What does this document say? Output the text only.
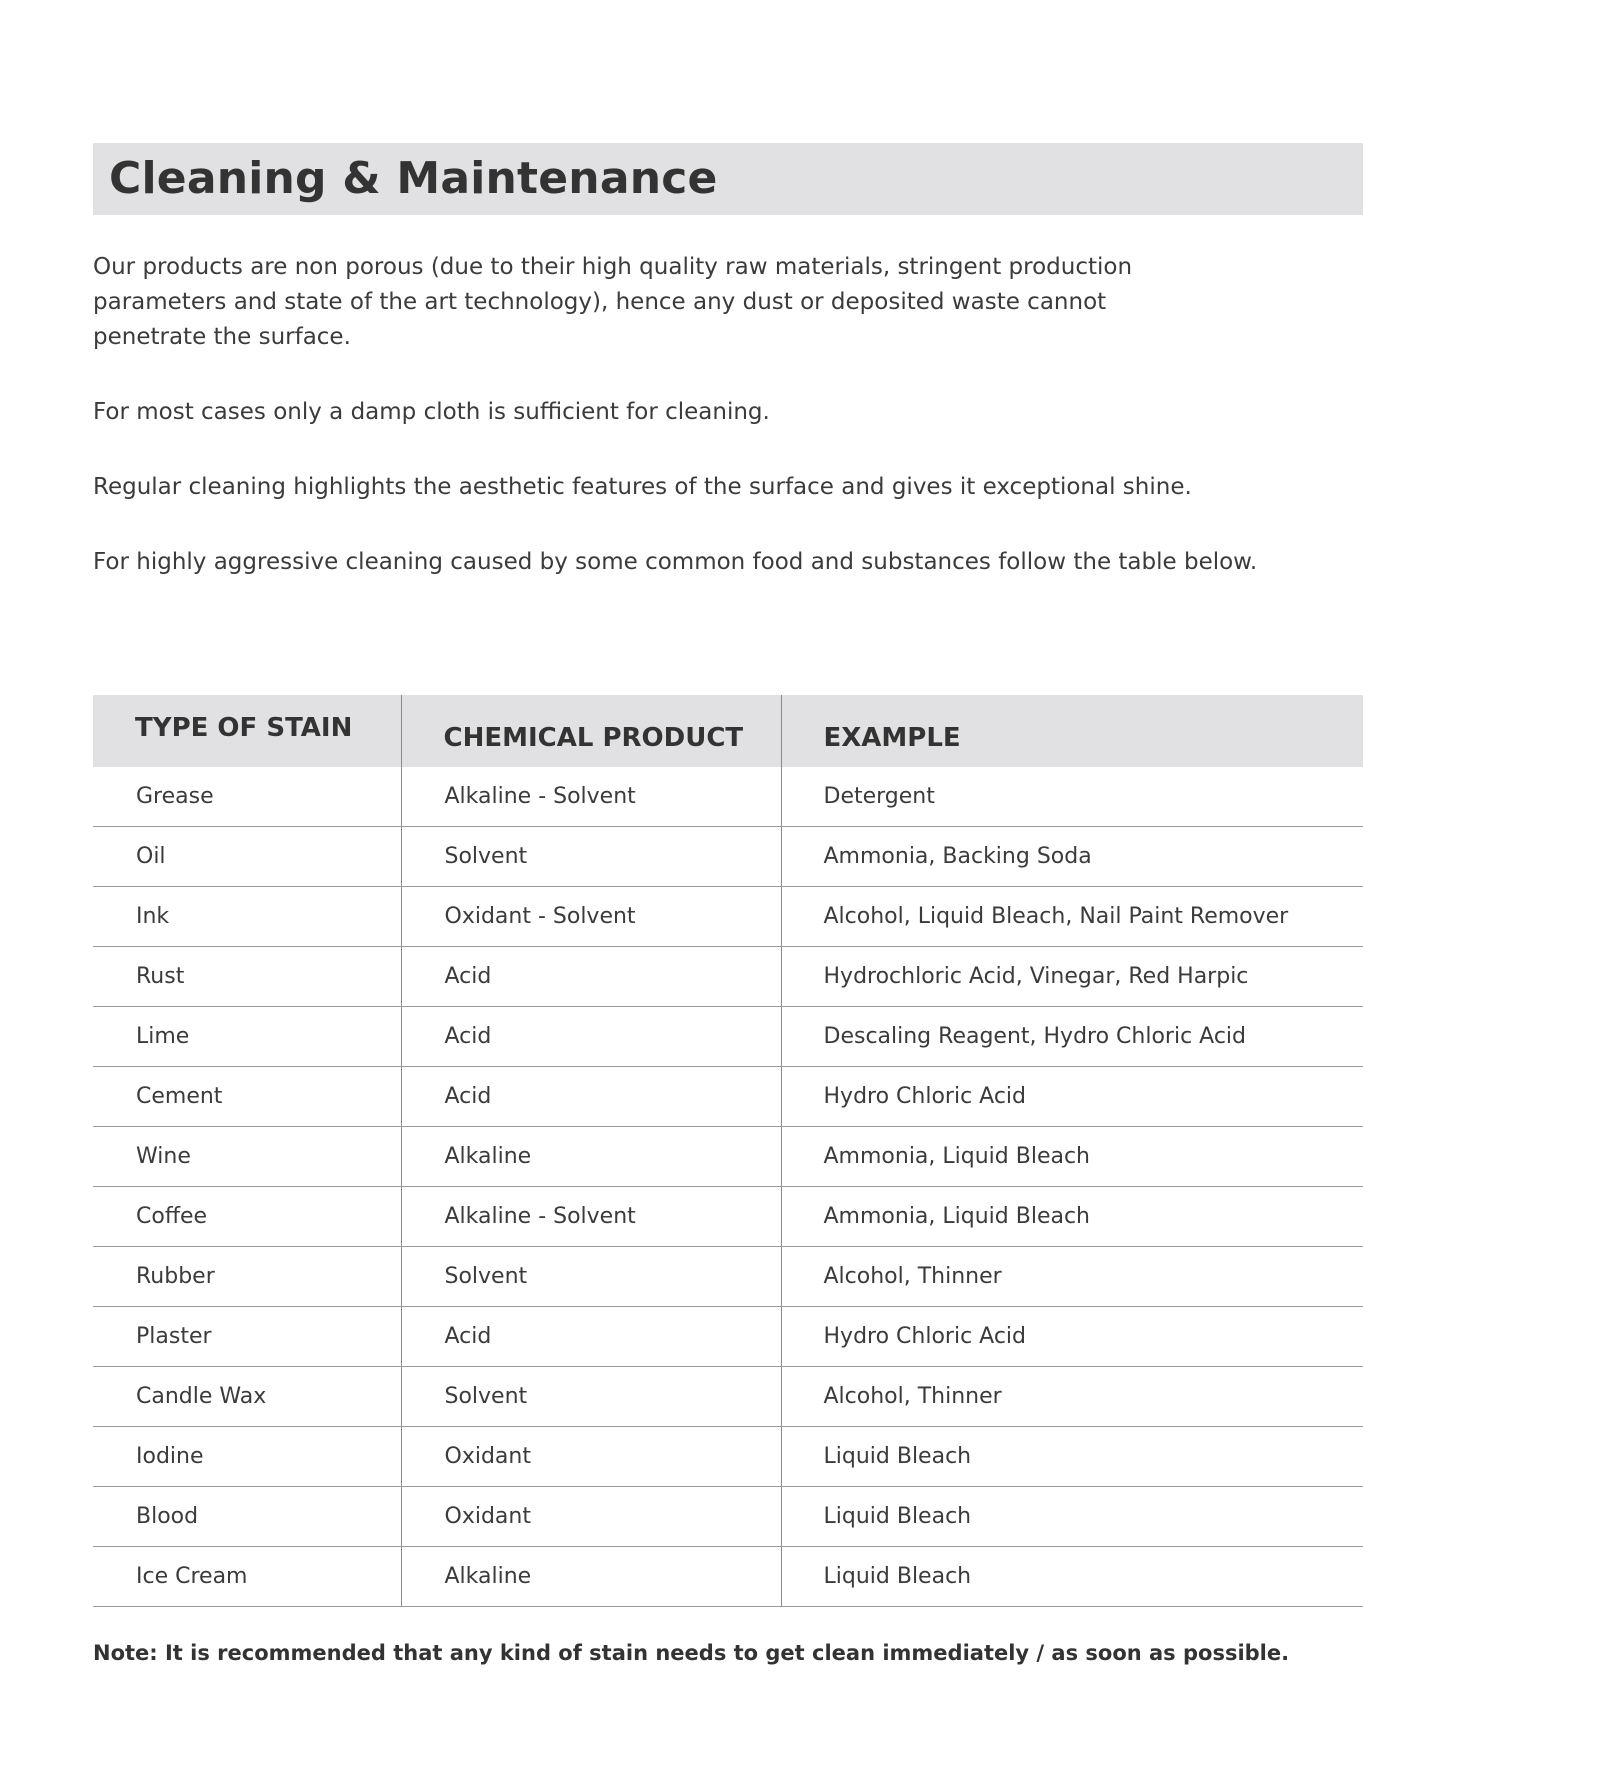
Cleaning & Maintenance

Our products are non porous (due to their high quality raw materials, stringent production parameters and state of the art technology), hence any dust or deposited waste cannot penetrate the surface.

For most cases only a damp cloth is sufficient for cleaning.

Regular cleaning highlights the aesthetic features of the surface and gives it exceptional shine.

For highly aggressive cleaning caused by some common food and substances follow the table below.

TYPE OF STAIN	CHEMICAL PRODUCT	EXAMPLE
Grease	Alkaline - Solvent	Detergent
Oil	Solvent	Ammonia, Backing Soda
Ink	Oxidant - Solvent	Alcohol, Liquid Bleach, Nail Paint Remover
Rust	Acid	Hydrochloric Acid, Vinegar, Red Harpic
Lime	Acid	Descaling Reagent, Hydro Chloric Acid
Cement	Acid	Hydro Chloric Acid
Wine	Alkaline	Ammonia, Liquid Bleach
Coffee	Alkaline - Solvent	Ammonia, Liquid Bleach
Rubber	Solvent	Alcohol, Thinner
Plaster	Acid	Hydro Chloric Acid
Candle Wax	Solvent	Alcohol, Thinner
Iodine	Oxidant	Liquid Bleach
Blood	Oxidant	Liquid Bleach
Ice Cream	Alkaline	Liquid Bleach
Note: It is recommended that any kind of stain needs to get clean immediately / as soon as possible.
